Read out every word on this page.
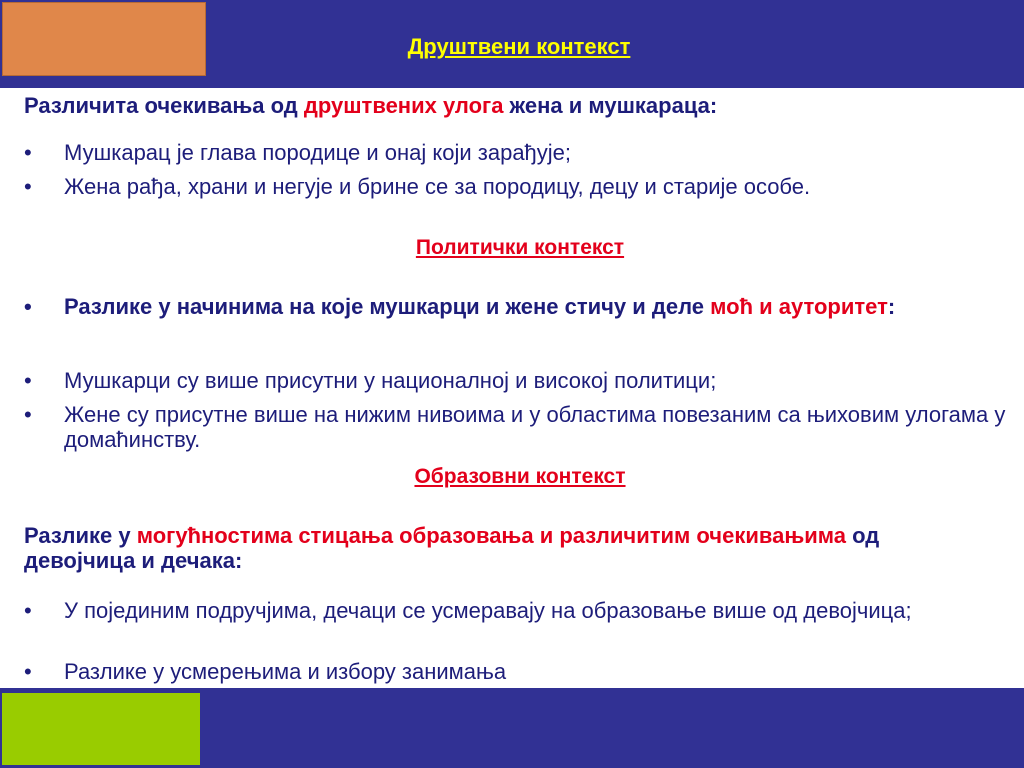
Друштвени контекст
Различита очекивања од друштвених улога жена и мушкараца:
• Мушкарац је глава породице и онај који зарађује;
• Жена рађа, храни и негује и брине се за породицу, децу и старије особе.
Политички контекст
• Разлике у начинима на које мушкарци и жене стичу и деле моћ и ауторитет:
• Мушкарци су више присутни у националној и високој политици;
• Жене су присутне више на нижим нивоима и у областима повезаним са њиховим улогама у домаћинству.
Образовни контекст
Разлике у могућностима стицања образовања и различитим очекивањима од девојчица и дечака:
• У појединим подручјима, дечаци се усмеравају на образовање више од девојчица;
• Разлике у усмерењима и избору занимања
